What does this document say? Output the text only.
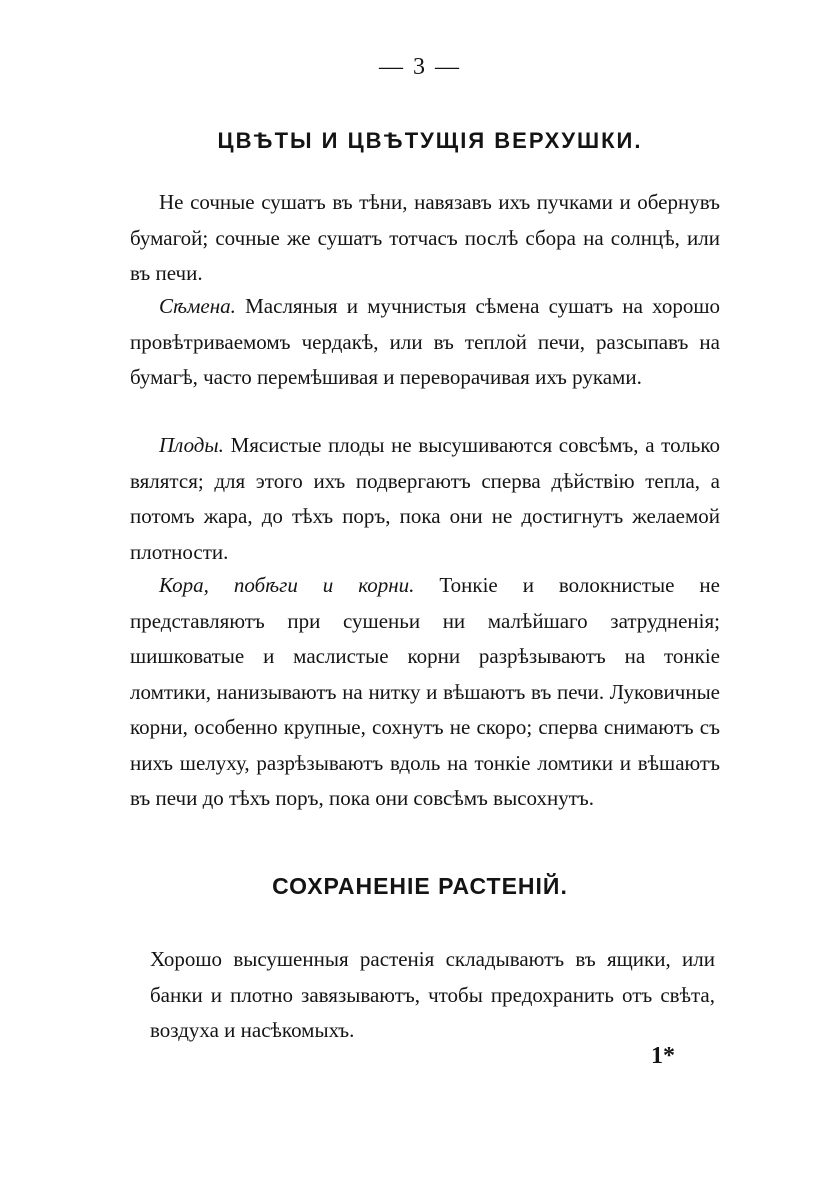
— 3 —
ЦВѢТЫ И ЦВѢТУЩІЯ ВЕРХУШКИ.

Не сочные сушатъ въ тѣни, навязавъ ихъ пучками и обернувъ бумагой; сочные же сушатъ тотчасъ послѣ сбора на солнцѣ, или въ печи.

Сѣмена. Масляныя и мучнистыя сѣмена сушатъ на хорошо провѣтриваемомъ чердакѣ, или въ теплой печи, разсыпавъ на бумагѣ, часто перемѣшивая и переворачивая ихъ руками.

Плоды. Мясистые плоды не высушиваются совсѣмъ, а только вялятся; для этого ихъ подвергаютъ сперва дѣйствію тепла, а потомъ жара, до тѣхъ поръ, пока они не достигнутъ желаемой плотности.

Кора, побѣги и корни. Тонкіе и волокнистые не представляютъ при сушеньи ни малѣйшаго затрудненія; шишковатые и маслистые корни разрѣзываютъ на тонкіе ломтики, нанизываютъ на нитку и вѣшаютъ въ печи. Луковичные корни, особенно крупные, сохнутъ не скоро; сперва снимаютъ съ нихъ шелуху, разрѣзываютъ вдоль на тонкіе ломтики и вѣшаютъ въ печи до тѣхъ поръ, пока они совсѣмъ высохнутъ.

СОХРАНЕНІЕ РАСТЕНІЙ.

Хорошо высушенныя растенія складываютъ въ ящики, или банки и плотно завязываютъ, чтобы предохранить отъ свѣта, воздуха и насѣкомыхъ.

1*
